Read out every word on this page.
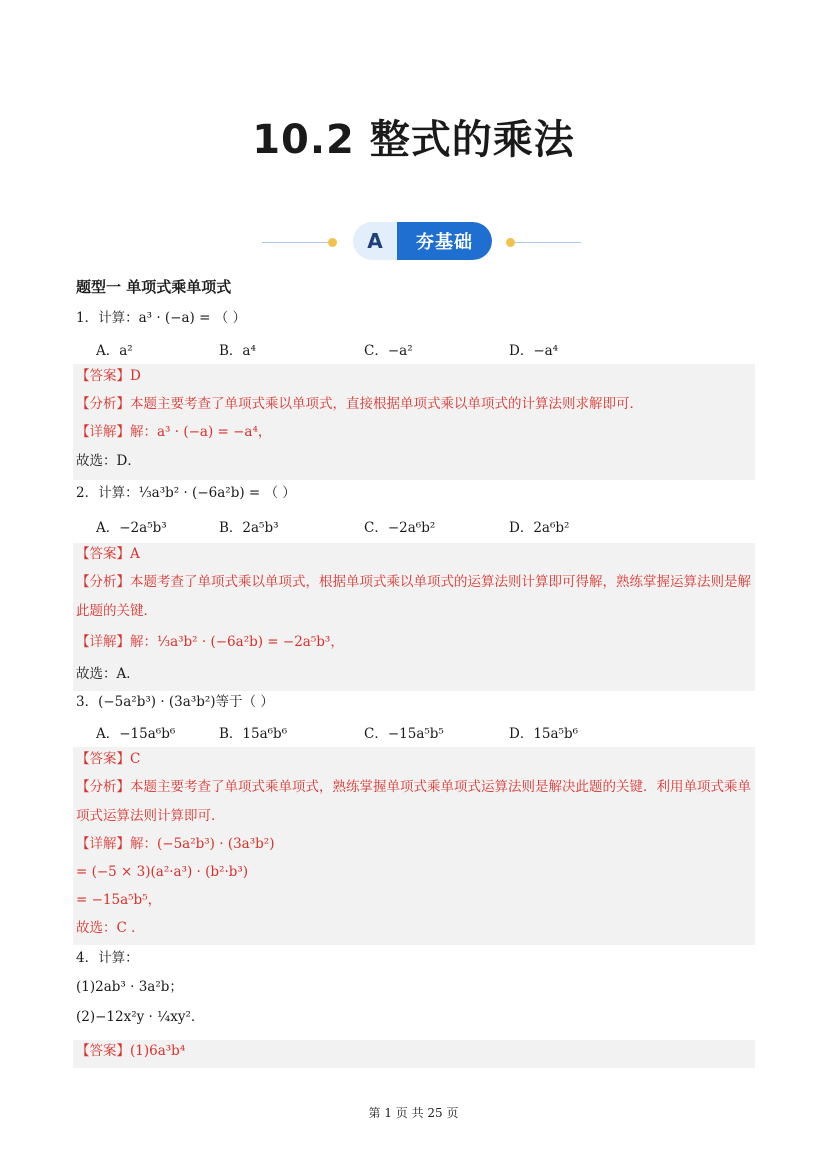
10.2 整式的乘法
A	夯基础
题型一 单项式乘单项式
1．计算：a³ · (−a) = （ ）
A．a²	B．a⁴	C．−a²	D．−a⁴
【答案】D
【分析】本题主要考查了单项式乘以单项式，直接根据单项式乘以单项式的计算法则求解即可．
【详解】解：a³ · (−a) = −a⁴，
故选：D．
2．计算：⅓a³b² · (−6a²b) = （ ）
A．−2a⁵b³	B．2a⁵b³	C．−2a⁶b²	D．2a⁶b²
【答案】A
【分析】本题考查了单项式乘以单项式，根据单项式乘以单项式的运算法则计算即可得解，熟练掌握运算法则是解此题的关键．
【详解】解：⅓a³b² · (−6a²b) = −2a⁵b³，
故选：A．
3．(−5a²b³) · (3a³b²)等于（ ）
A．−15a⁶b⁶	B．15a⁶b⁶	C．−15a⁵b⁵	D．15a⁵b⁶
【答案】C
【分析】本题主要考查了单项式乘单项式，熟练掌握单项式乘单项式运算法则是解决此题的关键．利用单项式乘单项式运算法则计算即可．
【详解】解：(−5a²b³) · (3a³b²)
= (−5 × 3)(a²·a³) · (b²·b³)
= −15a⁵b⁵，
故选：C ．
4．计算：
(1)2ab³ · 3a²b；
(2)−12x²y · ¼xy²．
【答案】(1)6a³b⁴
第 1 页 共 25 页
